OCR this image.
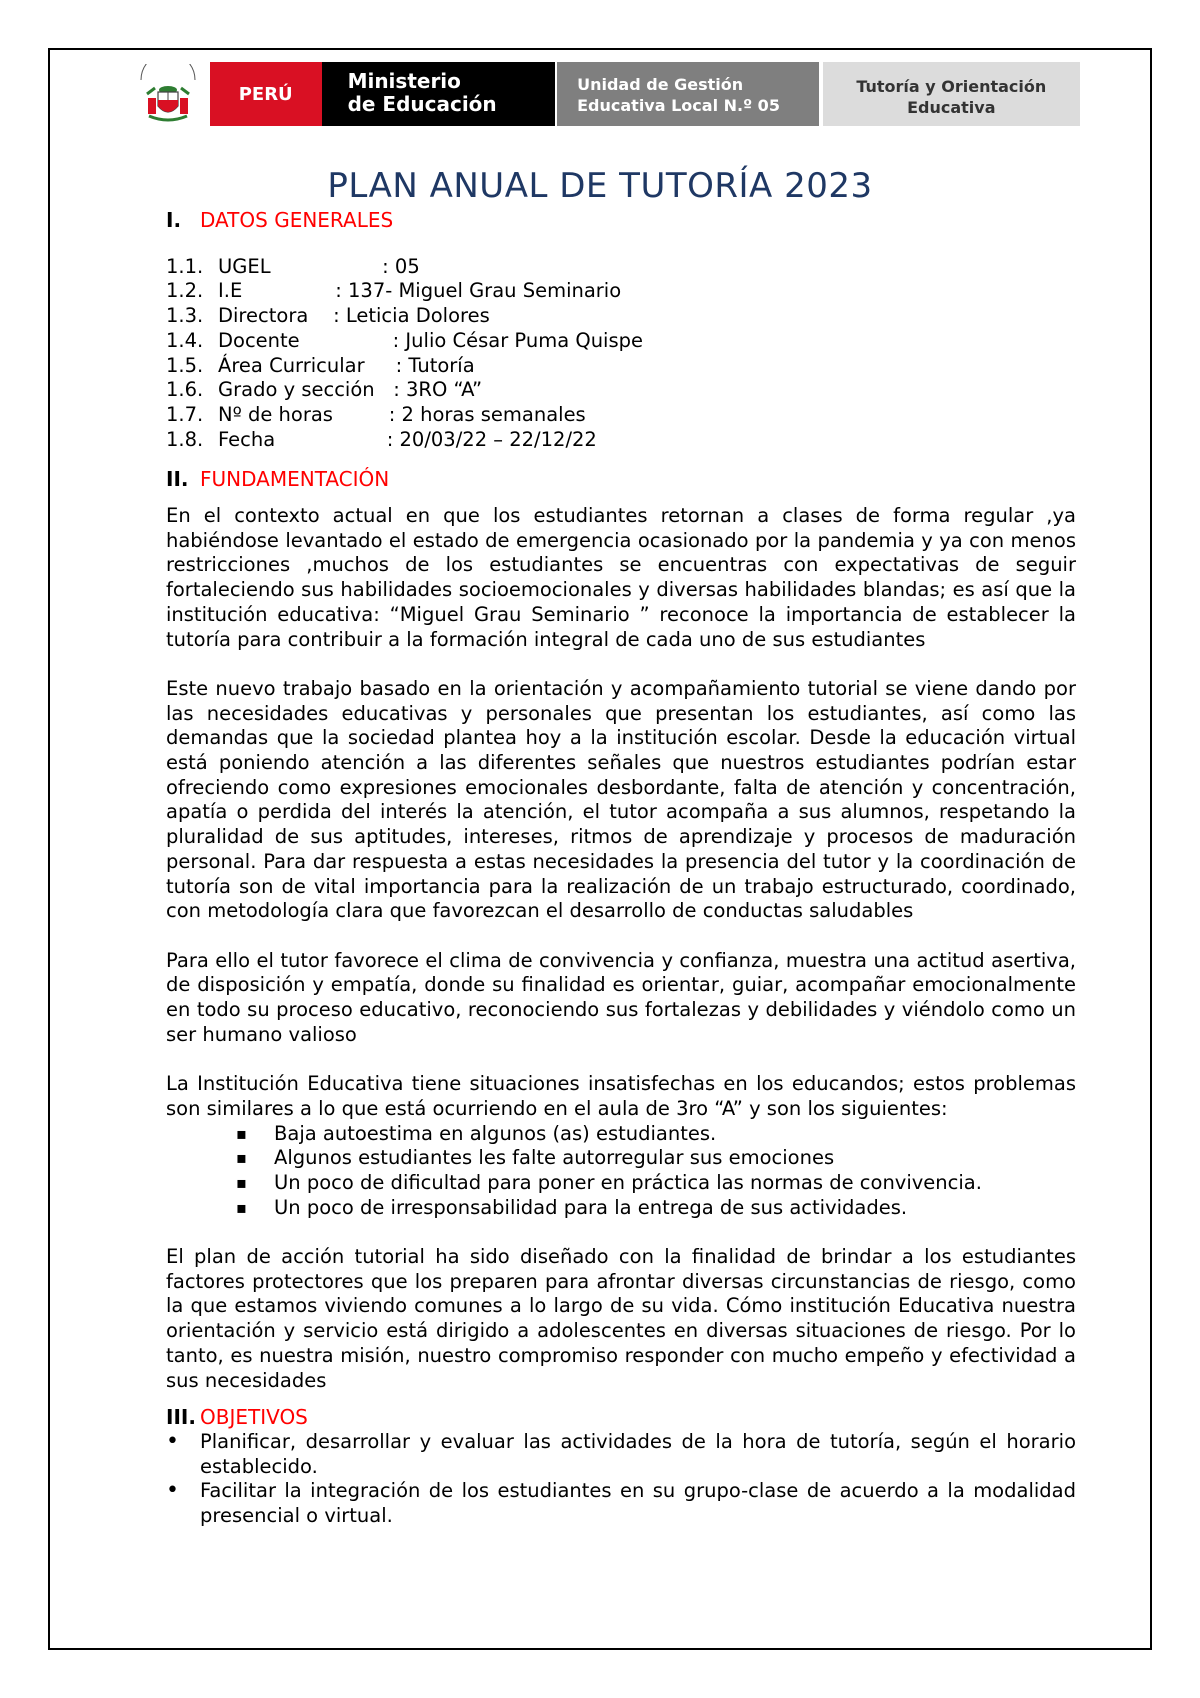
PERÚ
Ministerio
de Educación
Unidad de Gestión
Educativa Local N.º 05
Tutoría y Orientación
Educativa
PLAN ANUAL DE TUTORÍA 2023
I. DATOS GENERALES
1.1. UGEL                  : 05
1.2. I.E               : 137- Miguel Grau Seminario
1.3. Directora    : Leticia Dolores
1.4. Docente               : Julio César Puma Quispe
1.5. Área Curricular     : Tutoría
1.6. Grado y sección   : 3RO “A”
1.7. Nº de horas         : 2 horas semanales
1.8. Fecha                  : 20/03/22 – 22/12/22
II. FUNDAMENTACIÓN

En el contexto actual en que los estudiantes retornan a clases de forma regular ,ya habiéndose levantado el estado de emergencia ocasionado por la pandemia y ya con menos restricciones ,muchos de los estudiantes se encuentras con expectativas de seguir fortaleciendo sus habilidades socioemocionales y diversas habilidades blandas; es así que la institución educativa: “Miguel Grau Seminario ” reconoce la importancia de establecer la tutoría para contribuir a la formación integral de cada uno de sus estudiantes

Este nuevo trabajo basado en la orientación y acompañamiento tutorial se viene dando por las necesidades educativas y personales que presentan los estudiantes, así como las demandas que la sociedad plantea hoy a la institución escolar. Desde la educación virtual está poniendo atención a las diferentes señales que nuestros estudiantes podrían estar ofreciendo como expresiones emocionales desbordante, falta de atención y concentración, apatía o perdida del interés la atención, el tutor acompaña a sus alumnos, respetando la pluralidad de sus aptitudes, intereses, ritmos de aprendizaje y procesos de maduración personal. Para dar respuesta a estas necesidades la presencia del tutor y la coordinación de tutoría son de vital importancia para la realización de un trabajo estructurado, coordinado, con metodología clara que favorezcan el desarrollo de conductas saludables

Para ello el tutor favorece el clima de convivencia y confianza, muestra una actitud asertiva, de disposición y empatía, donde su finalidad es orientar, guiar, acompañar emocionalmente en todo su proceso educativo, reconociendo sus fortalezas y debilidades y viéndolo como un ser humano valioso

La Institución Educativa tiene situaciones insatisfechas en los educandos; estos problemas son similares a lo que está ocurriendo en el aula de 3ro “A” y son los siguientes:

▪ Baja autoestima en algunos (as) estudiantes.
▪ Algunos estudiantes les falte autorregular sus emociones
▪ Un poco de dificultad para poner en práctica las normas de convivencia.
▪ Un poco de irresponsabilidad para la entrega de sus actividades.

El plan de acción tutorial ha sido diseñado con la finalidad de brindar a los estudiantes factores protectores que los preparen para afrontar diversas circunstancias de riesgo, como la que estamos viviendo comunes a lo largo de su vida. Cómo institución Educativa nuestra orientación y servicio está dirigido a adolescentes en diversas situaciones de riesgo. Por lo tanto, es nuestra misión, nuestro compromiso responder con mucho empeño y efectividad a sus necesidades

III. OBJETIVOS
• Planificar, desarrollar y evaluar las actividades de la hora de tutoría, según el horario establecido.
• Facilitar la integración de los estudiantes en su grupo-clase de acuerdo a la modalidad presencial o virtual.
